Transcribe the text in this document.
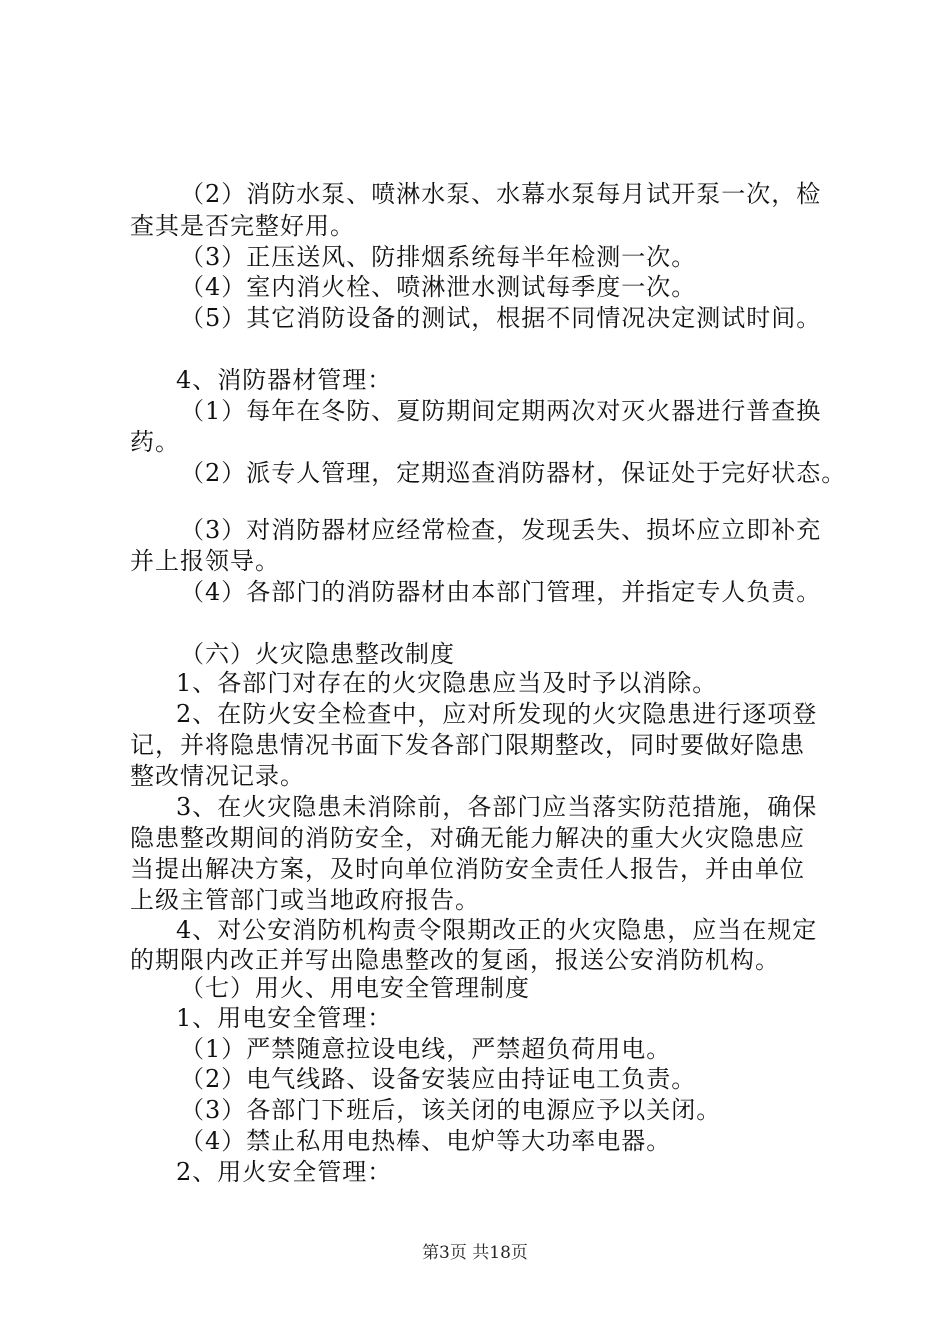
（2）消防水泵、喷淋水泵、水幕水泵每月试开泵一次，检
查其是否完整好用。
（3）正压送风、防排烟系统每半年检测一次。
（4）室内消火栓、喷淋泄水测试每季度一次。
（5）其它消防设备的测试，根据不同情况决定测试时间。
4、消防器材管理：
（1）每年在冬防、夏防期间定期两次对灭火器进行普查换
药。
（2）派专人管理，定期巡查消防器材，保证处于完好状态。
（3）对消防器材应经常检查，发现丢失、损坏应立即补充
并上报领导。
（4）各部门的消防器材由本部门管理，并指定专人负责。
（六）火灾隐患整改制度
1、各部门对存在的火灾隐患应当及时予以消除。
2、在防火安全检查中，应对所发现的火灾隐患进行逐项登
记，并将隐患情况书面下发各部门限期整改，同时要做好隐患
整改情况记录。
3、在火灾隐患未消除前，各部门应当落实防范措施，确保
隐患整改期间的消防安全，对确无能力解决的重大火灾隐患应
当提出解决方案，及时向单位消防安全责任人报告，并由单位
上级主管部门或当地政府报告。
4、对公安消防机构责令限期改正的火灾隐患，应当在规定
的期限内改正并写出隐患整改的复函，报送公安消防机构。
（七）用火、用电安全管理制度
1、用电安全管理：
（1）严禁随意拉设电线，严禁超负荷用电。
（2）电气线路、设备安装应由持证电工负责。
（3）各部门下班后，该关闭的电源应予以关闭。
（4）禁止私用电热棒、电炉等大功率电器。
2、用火安全管理：
第3页 共18页
